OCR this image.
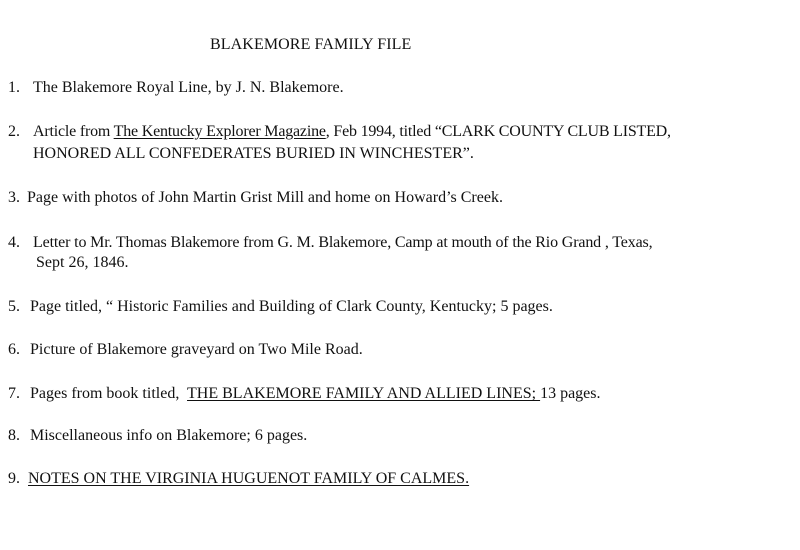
BLAKEMORE FAMILY FILE
1. The Blakemore Royal Line, by J. N. Blakemore.
2. Article from The Kentucky Explorer Magazine, Feb 1994, titled “CLARK COUNTY CLUB LISTED,
HONORED ALL CONFEDERATES BURIED IN WINCHESTER”.
3. Page with photos of John Martin Grist Mill and home on Howard’s Creek.
4. Letter to Mr. Thomas Blakemore from G. M. Blakemore, Camp at mouth of the Rio Grand , Texas,
Sept 26, 1846.
5. Page titled, “ Historic Families and Building of Clark County, Kentucky; 5 pages.
6. Picture of Blakemore graveyard on Two Mile Road.
7. Pages from book titled,  THE BLAKEMORE FAMILY AND ALLIED LINES; 13 pages.
8. Miscellaneous info on Blakemore; 6 pages.
9. NOTES ON THE VIRGINIA HUGUENOT FAMILY OF CALMES.
